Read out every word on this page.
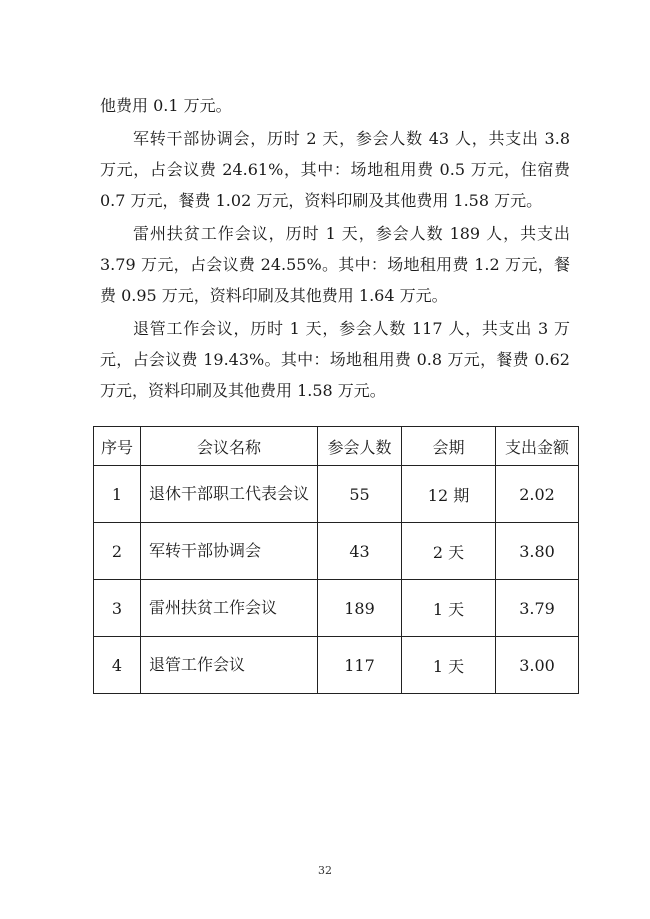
他费用 0.1 万元。

军转干部协调会，历时 2 天，参会人数 43 人，共支出 3.8 万元，占会议费 24.61%，其中：场地租用费 0.5 万元，住宿费 0.7 万元，餐费 1.02 万元，资料印刷及其他费用 1.58 万元。

雷州扶贫工作会议，历时 1 天，参会人数 189 人，共支出 3.79 万元，占会议费 24.55%。其中：场地租用费 1.2 万元，餐费 0.95 万元，资料印刷及其他费用 1.64 万元。

退管工作会议，历时 1 天，参会人数 117 人，共支出 3 万元，占会议费 19.43%。其中：场地租用费 0.8 万元，餐费 0.62 万元，资料印刷及其他费用 1.58 万元。

序号	会议名称	参会人数	会期	支出金额
1	退休干部职工代表会议	55	12 期	2.02
2	军转干部协调会	43	2 天	3.80
3	雷州扶贫工作会议	189	1 天	3.79
4	退管工作会议	117	1 天	3.00
32
